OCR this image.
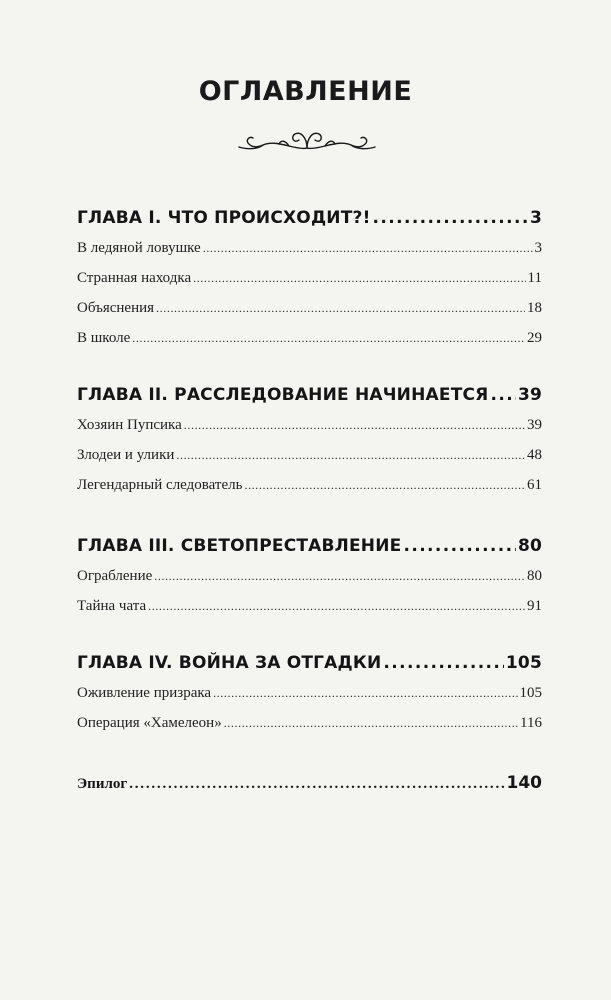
ОГЛАВЛЕНИЕ
ГЛАВА I. ЧТО ПРОИСХОДИТ?! .....	3
В ледяной ловушке .....	3
Странная находка .....	11
Объяснения .....	18
В школе .....	29
ГЛАВА II. РАССЛЕДОВАНИЕ НАЧИНАЕТСЯ ..... 39
Хозяин Пупсика .....	39
Злодеи и улики .....	48
Легендарный следователь .....	61
ГЛАВА III. СВЕТОПРЕСТАВЛЕНИЕ .....	80
Ограбление .....	80
Тайна чата .....	91
ГЛАВА IV. ВОЙНА ЗА ОТГАДКИ .....	105
Оживление призрака .....	105
Операция «Хамелеон» .....	116
Эпилог .....	140
